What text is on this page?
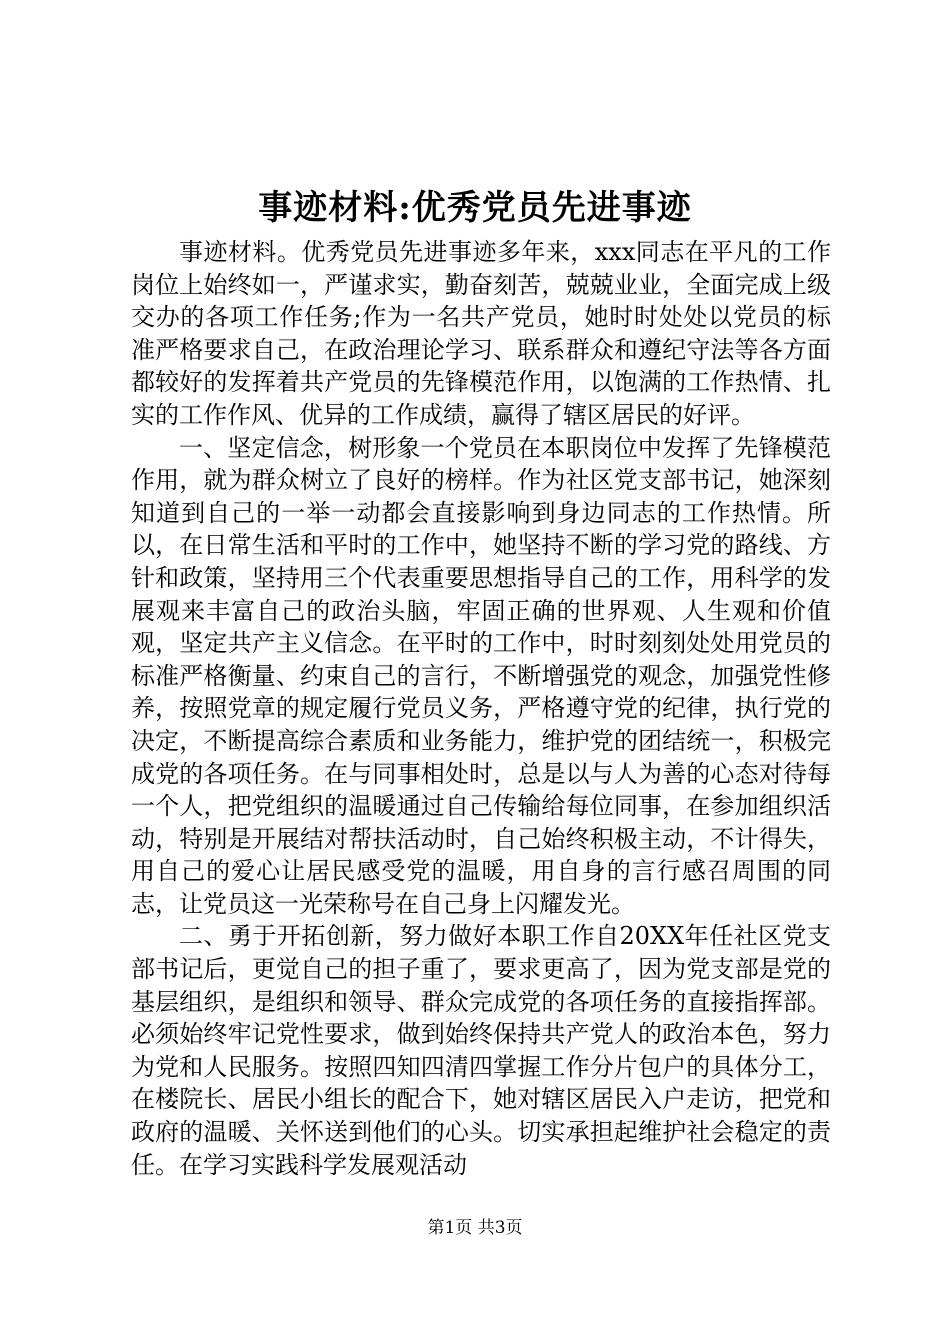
事迹材料:优秀党员先进事迹

事迹材料。优秀党员先进事迹多年来，xxx同志在平凡的工作岗位上始终如一，严谨求实，勤奋刻苦，兢兢业业，全面完成上级交办的各项工作任务;作为一名共产党员，她时时处处以党员的标准严格要求自己，在政治理论学习、联系群众和遵纪守法等各方面都较好的发挥着共产党员的先锋模范作用，以饱满的工作热情、扎实的工作作风、优异的工作成绩，赢得了辖区居民的好评。

一、坚定信念，树形象一个党员在本职岗位中发挥了先锋模范作用，就为群众树立了良好的榜样。作为社区党支部书记，她深刻知道到自己的一举一动都会直接影响到身边同志的工作热情。所以，在日常生活和平时的工作中，她坚持不断的学习党的路线、方针和政策，坚持用三个代表重要思想指导自己的工作，用科学的发展观来丰富自己的政治头脑，牢固正确的世界观、人生观和价值观，坚定共产主义信念。在平时的工作中，时时刻刻处处用党员的标准严格衡量、约束自己的言行，不断增强党的观念，加强党性修养，按照党章的规定履行党员义务，严格遵守党的纪律，执行党的决定，不断提高综合素质和业务能力，维护党的团结统一，积极完成党的各项任务。在与同事相处时，总是以与人为善的心态对待每一个人，把党组织的温暖通过自己传输给每位同事，在参加组织活动，特别是开展结对帮扶活动时，自己始终积极主动，不计得失，用自己的爱心让居民感受党的温暖，用自身的言行感召周围的同志，让党员这一光荣称号在自己身上闪耀发光。

二、勇于开拓创新，努力做好本职工作自20XX年任社区党支部书记后，更觉自己的担子重了，要求更高了，因为党支部是党的基层组织，是组织和领导、群众完成党的各项任务的直接指挥部。必须始终牢记党性要求，做到始终保持共产党人的政治本色，努力为党和人民服务。按照四知四清四掌握工作分片包户的具体分工，在楼院长、居民小组长的配合下，她对辖区居民入户走访，把党和政府的温暖、关怀送到他们的心头。切实承担起维护社会稳定的责任。在学习实践科学发展观活动

第1页 共3页
